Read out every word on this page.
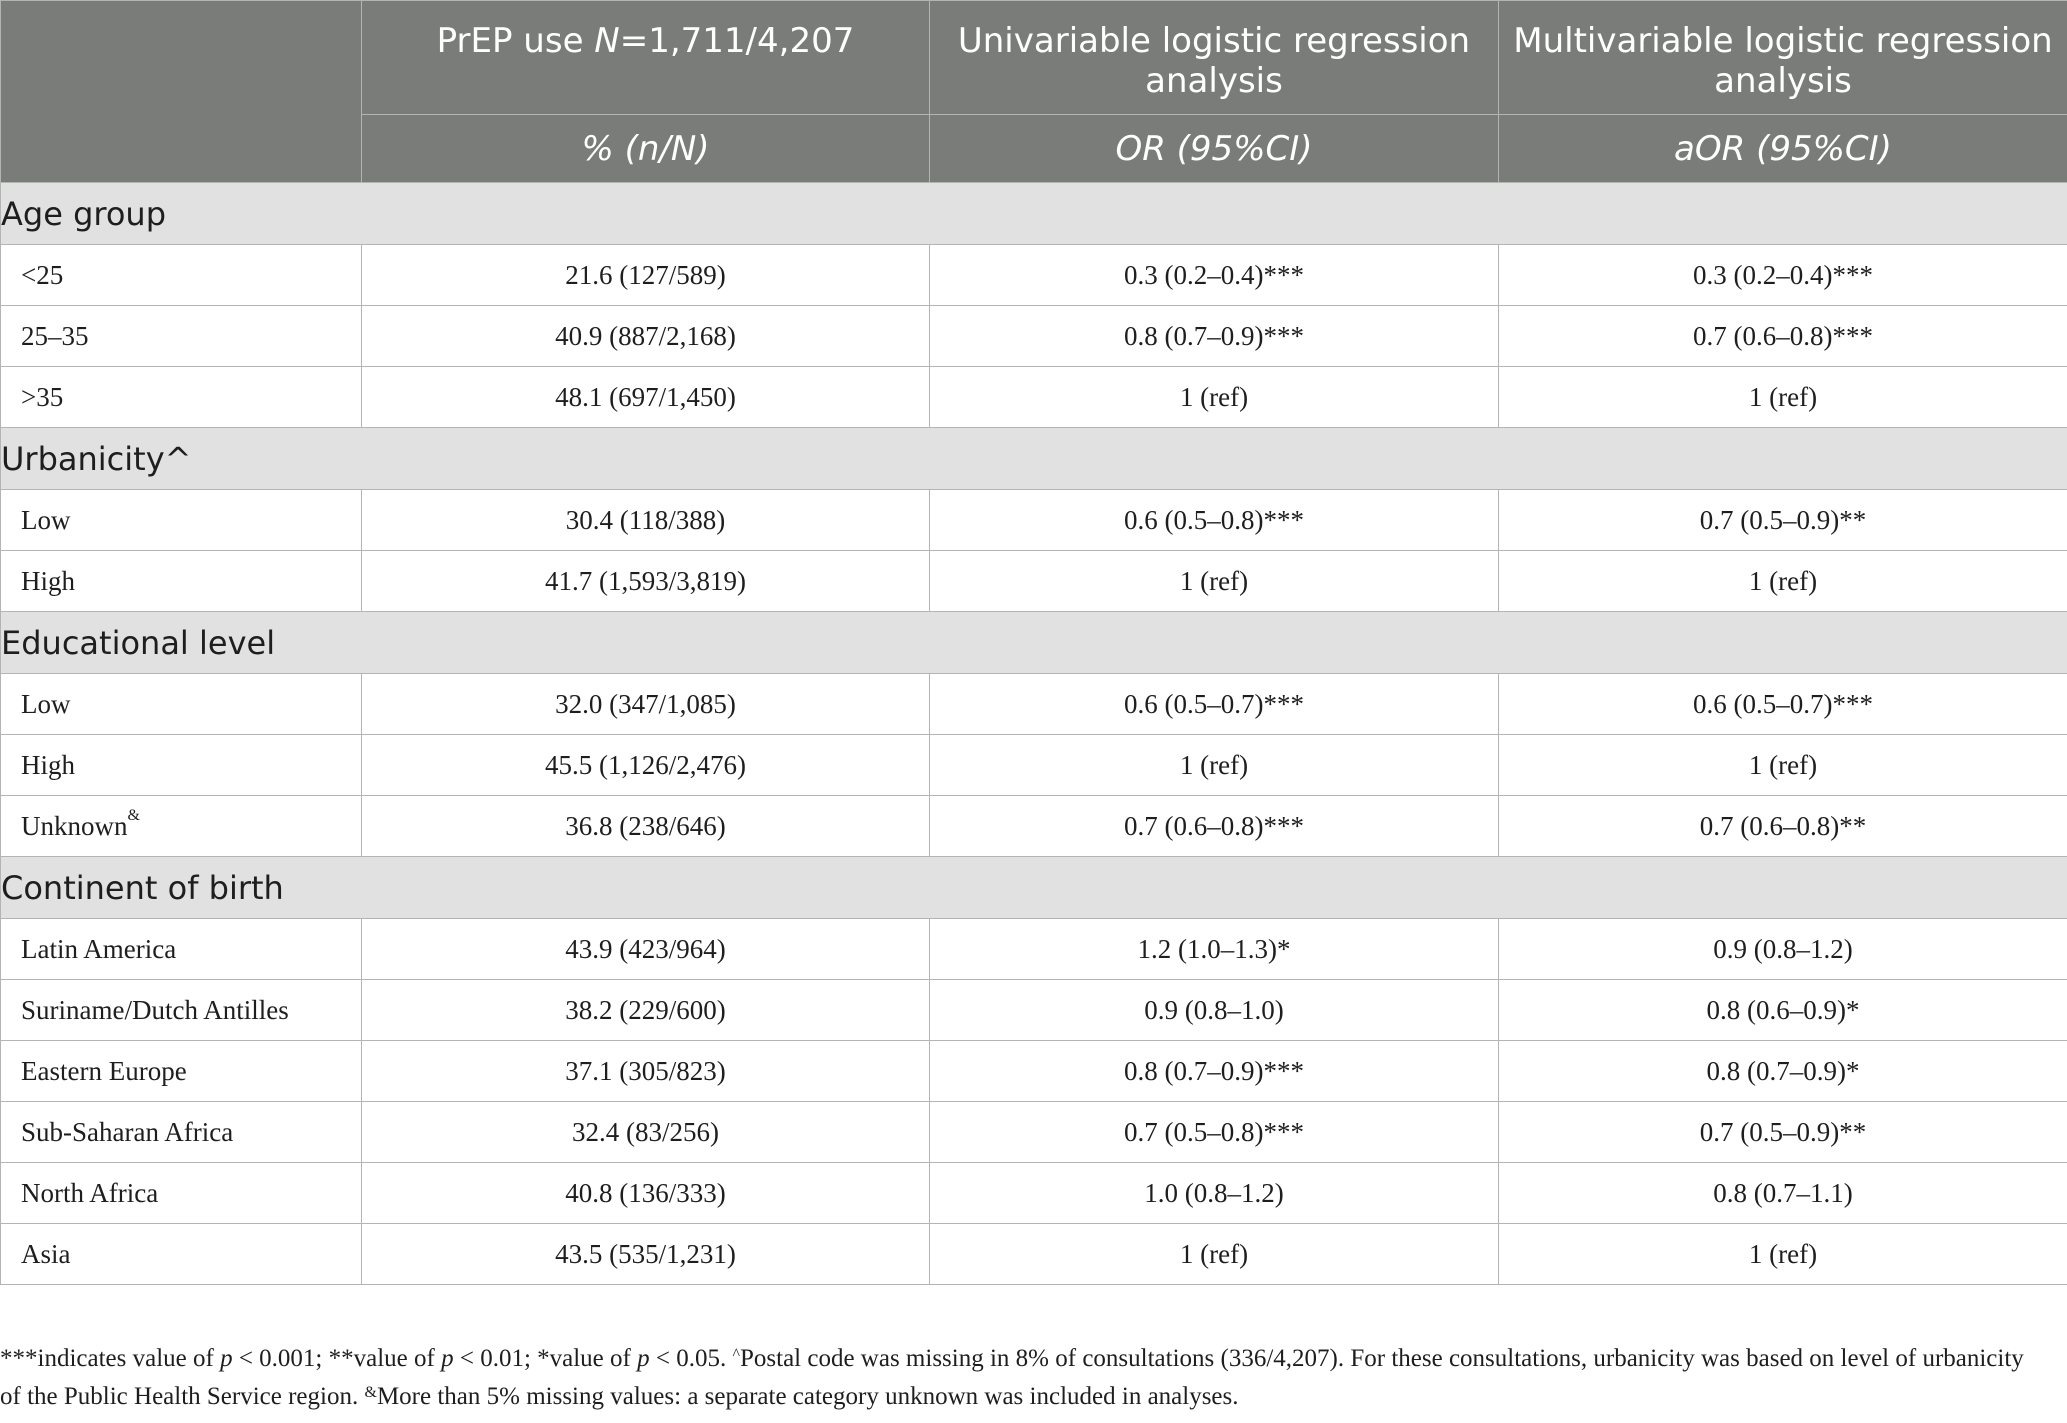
	PrEP use N=1,711/4,207	Univariable logistic regression analysis	Multivariable logistic regression analysis

	% (n/N)	OR (95%CI)	aOR (95%CI)
Age group			
<25	21.6 (127/589)	0.3 (0.2–0.4)***	0.3 (0.2–0.4)***
25–35	40.9 (887/2,168)	0.8 (0.7–0.9)***	0.7 (0.6–0.8)***
>35	48.1 (697/1,450)	1 (ref)	1 (ref)
Urbanicity^			
Low	30.4 (118/388)	0.6 (0.5–0.8)***	0.7 (0.5–0.9)**
High	41.7 (1,593/3,819)	1 (ref)	1 (ref)
Educational level			
Low	32.0 (347/1,085)	0.6 (0.5–0.7)***	0.6 (0.5–0.7)***
High	45.5 (1,126/2,476)	1 (ref)	1 (ref)
Unknown&	36.8 (238/646)	0.7 (0.6–0.8)***	0.7 (0.6–0.8)**
Continent of birth			
Latin America	43.9 (423/964)	1.2 (1.0–1.3)*	0.9 (0.8–1.2)
Suriname/Dutch Antilles	38.2 (229/600)	0.9 (0.8–1.0)	0.8 (0.6–0.9)*
Eastern Europe	37.1 (305/823)	0.8 (0.7–0.9)***	0.8 (0.7–0.9)*
Sub-Saharan Africa	32.4 (83/256)	0.7 (0.5–0.8)***	0.7 (0.5–0.9)**
North Africa	40.8 (136/333)	1.0 (0.8–1.2)	0.8 (0.7–1.1)
Asia	43.5 (535/1,231)	1 (ref)	1 (ref)
***indicates value of p < 0.001; **value of p < 0.01; *value of p < 0.05. ^Postal code was missing in 8% of consultations (336/4,207). For these consultations, urbanicity was based on level of urbanicity of the Public Health Service region. &More than 5% missing values: a separate category unknown was included in analyses.
